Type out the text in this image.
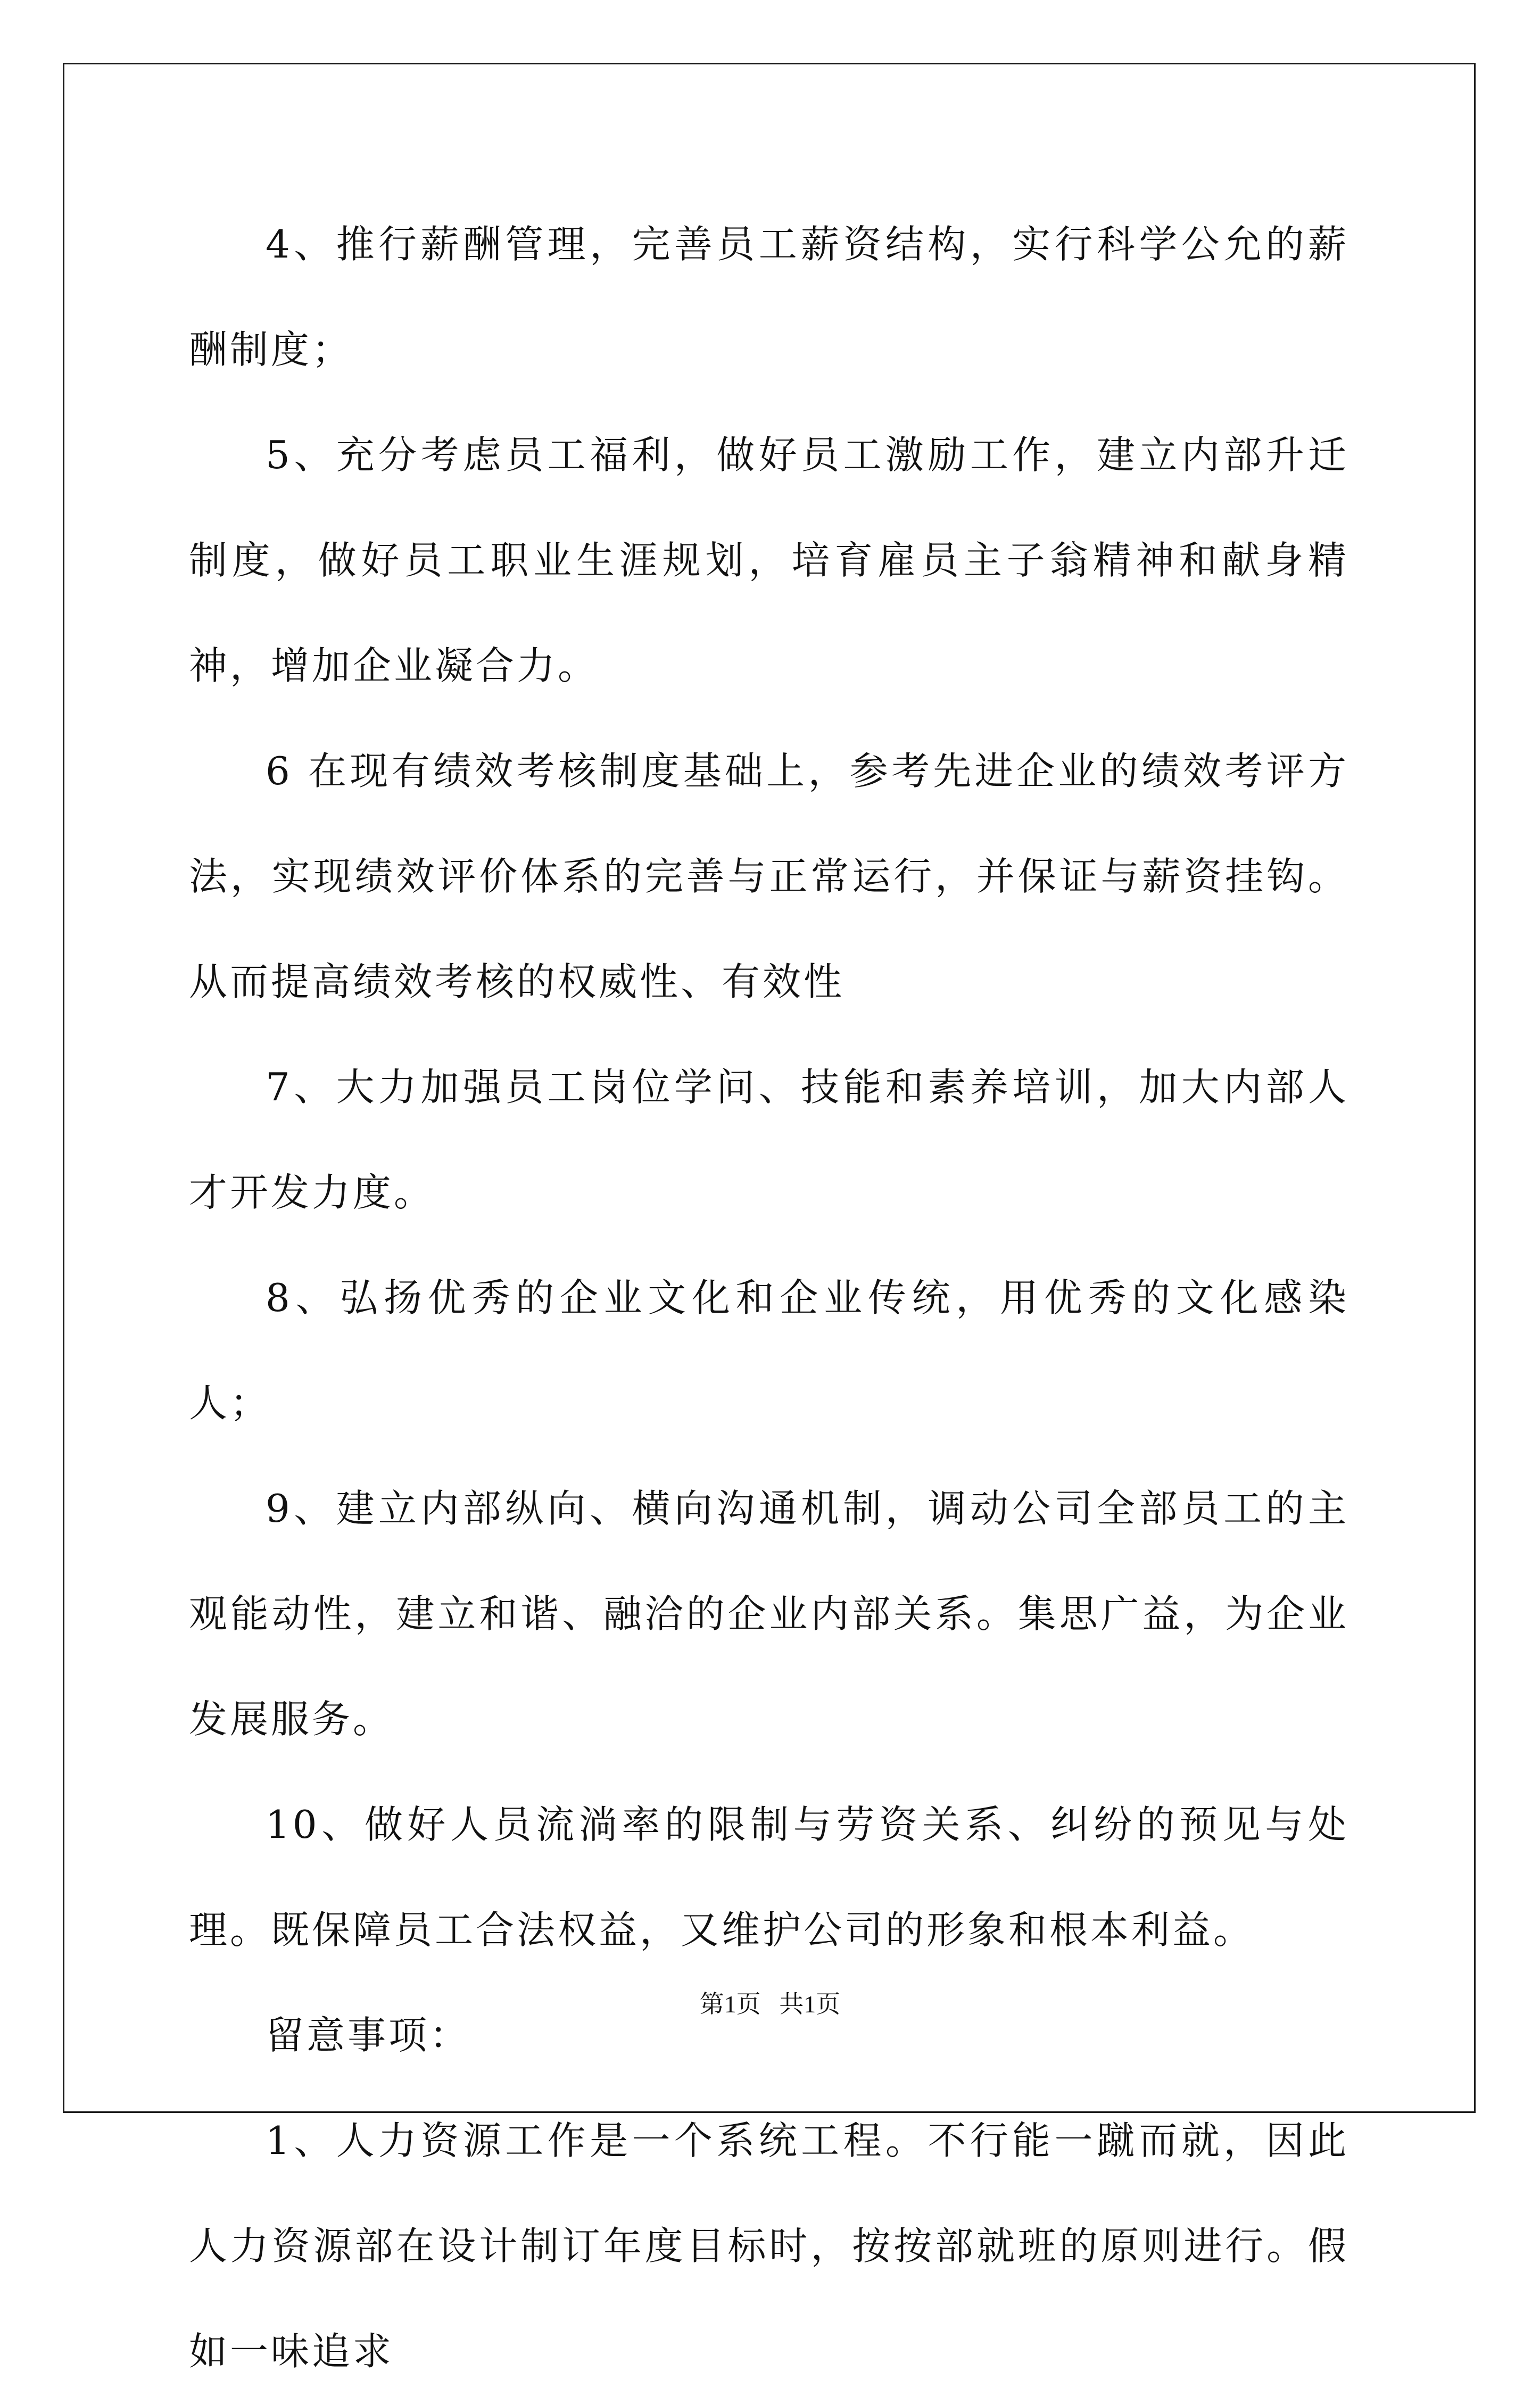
4、推行薪酬管理，完善员工薪资结构，实行科学公允的薪酬制度；

5、充分考虑员工福利，做好员工激励工作，建立内部升迁制度，做好员工职业生涯规划，培育雇员主子翁精神和献身精神，增加企业凝合力。

6 在现有绩效考核制度基础上，参考先进企业的绩效考评方法，实现绩效评价体系的完善与正常运行，并保证与薪资挂钩。从而提高绩效考核的权威性、有效性

7、大力加强员工岗位学问、技能和素养培训，加大内部人才开发力度。

8、弘扬优秀的企业文化和企业传统，用优秀的文化感染人；

9、建立内部纵向、横向沟通机制，调动公司全部员工的主观能动性，建立和谐、融洽的企业内部关系。集思广益，为企业发展服务。

10、做好人员流淌率的限制与劳资关系、纠纷的预见与处理。既保障员工合法权益，又维护公司的形象和根本利益。

留意事项：

1、人力资源工作是一个系统工程。不行能一蹴而就，因此人力资源部在设计制订年度目标时，按按部就班的原则进行。假如一味追求

第1页   共1页
